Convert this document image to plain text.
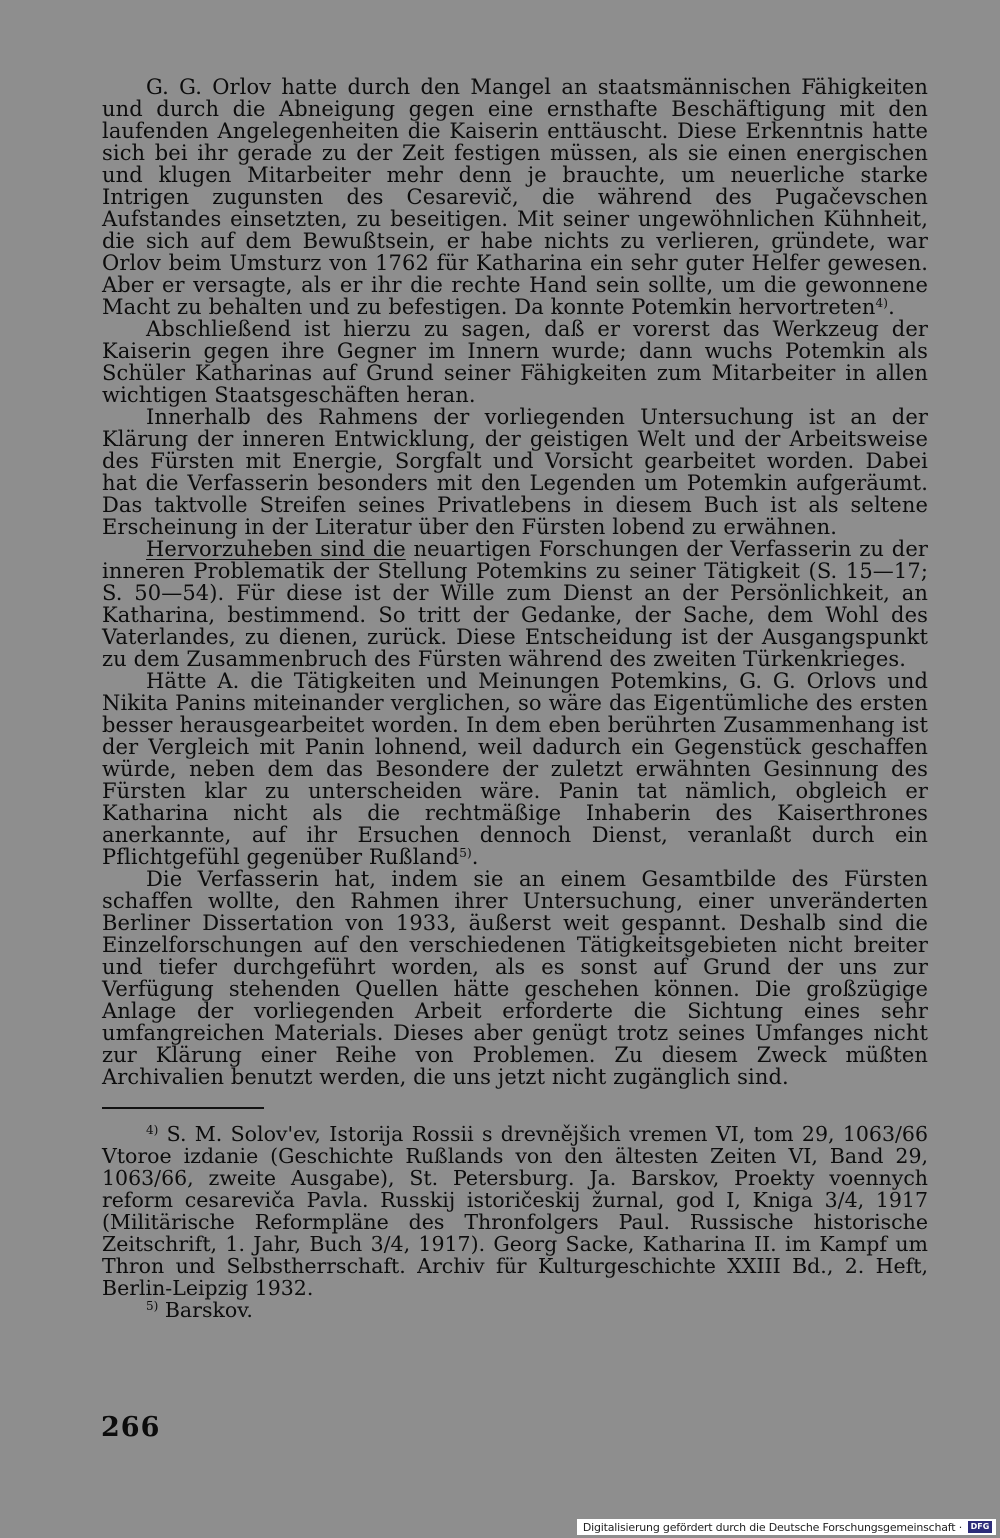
G. G. Orlov hatte durch den Mangel an staatsmännischen Fähigkeiten und durch die Abneigung gegen eine ernsthafte Beschäftigung mit den laufenden Angelegenheiten die Kaiserin enttäuscht. Diese Erkenntnis hatte sich bei ihr gerade zu der Zeit festigen müssen, als sie einen energischen und klugen Mitarbeiter mehr denn je brauchte, um neuerliche starke Intrigen zugunsten des Cesarevič, die während des Pugačevschen Aufstandes einsetzten, zu beseitigen. Mit seiner ungewöhnlichen Kühnheit, die sich auf dem Bewußtsein, er habe nichts zu verlieren, gründete, war Orlov beim Umsturz von 1762 für Katharina ein sehr guter Helfer gewesen. Aber er versagte, als er ihr die rechte Hand sein sollte, um die gewonnene Macht zu behalten und zu befestigen. Da konnte Potemkin hervortreten$^{4)}$.

Abschließend ist hierzu zu sagen, daß er vorerst das Werkzeug der Kaiserin gegen ihre Gegner im Innern wurde; dann wuchs Potemkin als Schüler Katharinas auf Grund seiner Fähigkeiten zum Mitarbeiter in allen wichtigen Staatsgeschäften heran.

Innerhalb des Rahmens der vorliegenden Untersuchung ist an der Klärung der inneren Entwicklung, der geistigen Welt und der Arbeitsweise des Fürsten mit Energie, Sorgfalt und Vorsicht gearbeitet worden. Dabei hat die Verfasserin besonders mit den Legenden um Potemkin aufgeräumt. Das taktvolle Streifen seines Privatlebens in diesem Buch ist als seltene Erscheinung in der Literatur über den Fürsten lobend zu erwähnen.

Hervorzuheben sind die neuartigen Forschungen der Verfasserin zu der inneren Problematik der Stellung Potemkins zu seiner Tätigkeit (S. 15—17; S. 50—54). Für diese ist der Wille zum Dienst an der Persönlichkeit, an Katharina, bestimmend. So tritt der Gedanke, der Sache, dem Wohl des Vaterlandes, zu dienen, zurück. Diese Entscheidung ist der Ausgangspunkt zu dem Zusammenbruch des Fürsten während des zweiten Türkenkrieges.

Hätte A. die Tätigkeiten und Meinungen Potemkins, G. G. Orlovs und Nikita Panins miteinander verglichen, so wäre das Eigentümliche des ersten besser herausgearbeitet worden. In dem eben berührten Zusammenhang ist der Vergleich mit Panin lohnend, weil dadurch ein Gegenstück geschaffen würde, neben dem das Besondere der zuletzt erwähnten Gesinnung des Fürsten klar zu unterscheiden wäre. Panin tat nämlich, obgleich er Katharina nicht als die rechtmäßige Inhaberin des Kaiserthrones anerkannte, auf ihr Ersuchen dennoch Dienst, veranlaßt durch ein Pflichtgefühl gegenüber Rußland$^{5)}$.

Die Verfasserin hat, indem sie an einem Gesamtbilde des Fürsten schaffen wollte, den Rahmen ihrer Untersuchung, einer unveränderten Berliner Dissertation von 1933, äußerst weit gespannt. Deshalb sind die Einzelforschungen auf den verschiedenen Tätigkeitsgebieten nicht breiter und tiefer durchgeführt worden, als es sonst auf Grund der uns zur Verfügung stehenden Quellen hätte geschehen können. Die großzügige Anlage der vorliegenden Arbeit erforderte die Sichtung eines sehr umfangreichen Materials. Dieses aber genügt trotz seines Umfanges nicht zur Klärung einer Reihe von Problemen. Zu diesem Zweck müßten Archivalien benutzt werden, die uns jetzt nicht zugänglich sind.

$^{4)}$ S. M. Solov'ev, Istorija Rossii s drevnějšich vremen VI, tom 29, 1063/66 Vtoroe izdanie (Geschichte Rußlands von den ältesten Zeiten VI, Band 29, 1063/66, zweite Ausgabe), St. Petersburg. Ja. Barskov, Proekty voennych reform cesareviča Pavla. Russkij istoričeskij žurnal, god I, Kniga 3/4, 1917 (Militärische Reformpläne des Thronfolgers Paul. Russische historische Zeitschrift, 1. Jahr, Buch 3/4, 1917). Georg Sacke, Katharina II. im Kampf um Thron und Selbstherrschaft. Archiv für Kulturgeschichte XXIII Bd., 2. Heft, Berlin-Leipzig 1932.

$^{5)}$ Barskov.

266
Digitalisierung gefördert durch die Deutsche Forschungsgemeinschaft ·	DFG
